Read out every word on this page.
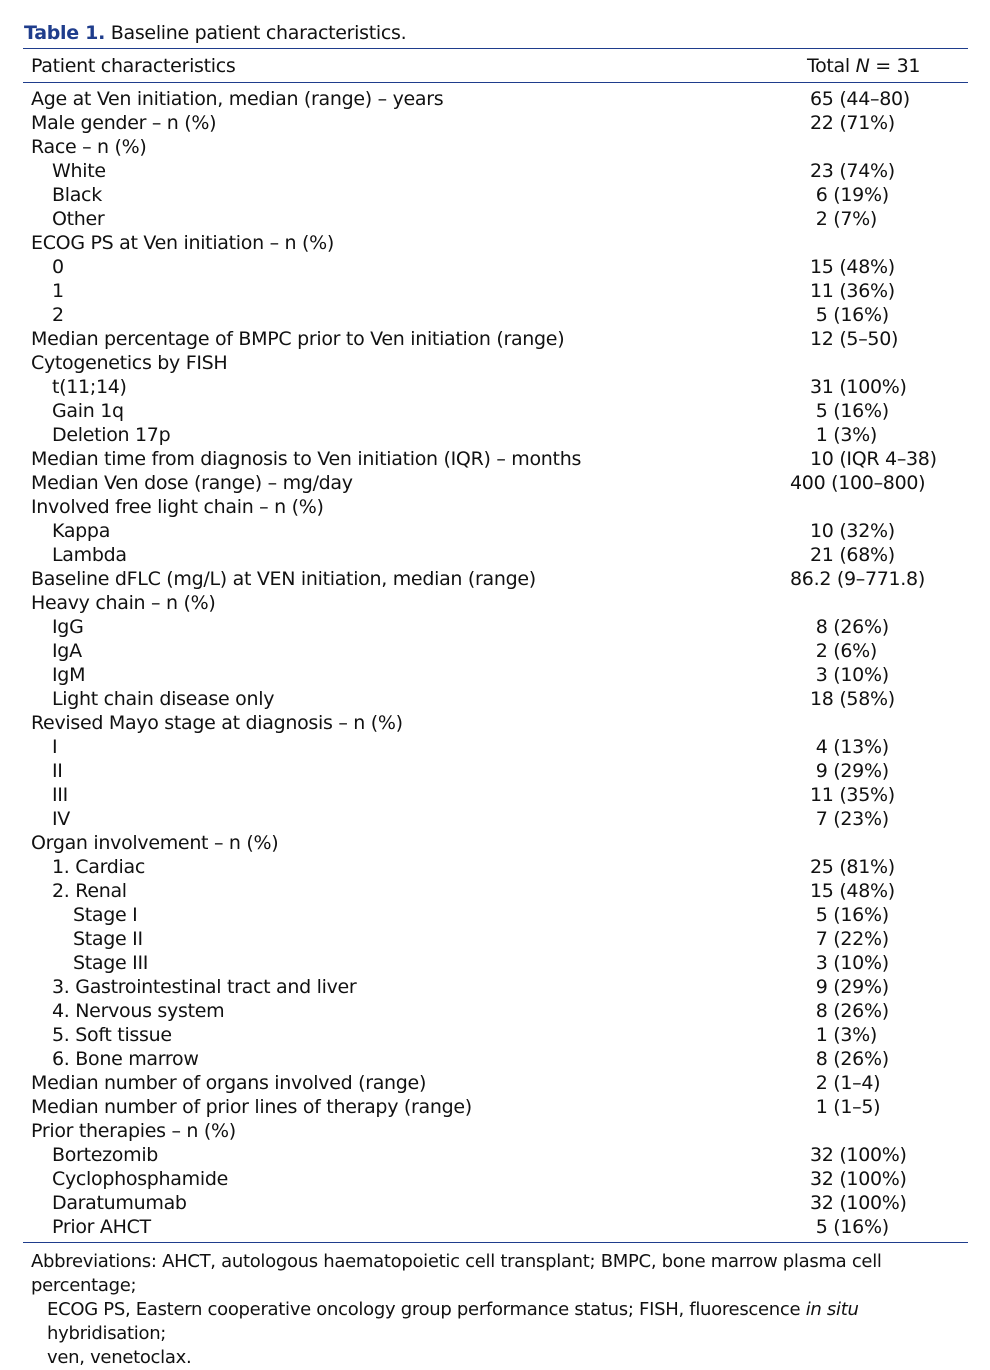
Table 1. Baseline patient characteristics.
Patient characteristics	Total N = 31
Age at Ven initiation, median (range) – years	65 (44–80)
Male gender – n (%)	22 (71%)
Race – n (%)
White	23 (74%)
Black	6 (19%)
Other	2 (7%)
ECOG PS at Ven initiation – n (%)
0	15 (48%)
1	11 (36%)
2	5 (16%)
Median percentage of BMPC prior to Ven initiation (range)	12 (5–50)
Cytogenetics by FISH
t(11;14)	31 (100%)
Gain 1q	5 (16%)
Deletion 17p	1 (3%)
Median time from diagnosis to Ven initiation (IQR) – months	10 (IQR 4–38)
Median Ven dose (range) – mg/day	400 (100–800)
Involved free light chain – n (%)
Kappa	10 (32%)
Lambda	21 (68%)
Baseline dFLC (mg/L) at VEN initiation, median (range)	86.2 (9–771.8)
Heavy chain – n (%)
IgG	8 (26%)
IgA	2 (6%)
IgM	3 (10%)
Light chain disease only	18 (58%)
Revised Mayo stage at diagnosis – n (%)
I	4 (13%)
II	9 (29%)
III	11 (35%)
IV	7 (23%)
Organ involvement – n (%)
1. Cardiac	25 (81%)
2. Renal	15 (48%)
Stage I	5 (16%)
Stage II	7 (22%)
Stage III	3 (10%)
3. Gastrointestinal tract and liver	9 (29%)
4. Nervous system	8 (26%)
5. Soft tissue	1 (3%)
6. Bone marrow	8 (26%)
Median number of organs involved (range)	2 (1–4)
Median number of prior lines of therapy (range)	1 (1–5)
Prior therapies – n (%)
Bortezomib	32 (100%)
Cyclophosphamide	32 (100%)
Daratumumab	32 (100%)
Prior AHCT	5 (16%)
Abbreviations: AHCT, autologous haematopoietic cell transplant; BMPC, bone marrow plasma cell percentage;
ECOG PS, Eastern cooperative oncology group performance status; FISH, fluorescence in situ hybridisation;
ven, venetoclax.
